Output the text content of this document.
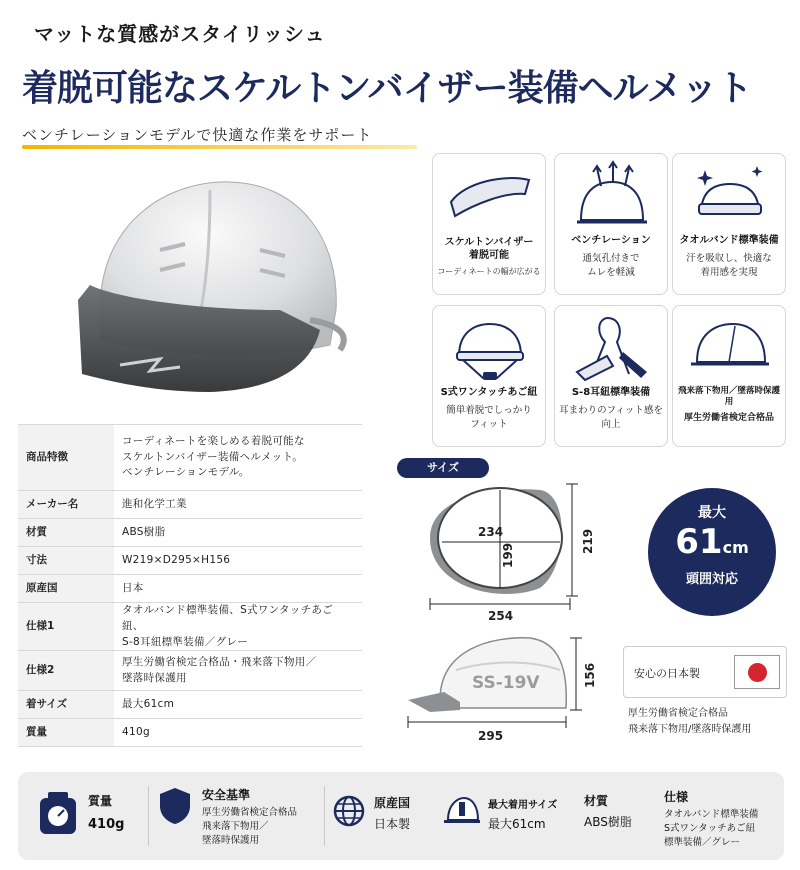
マットな質感がスタイリッシュ
着脱可能なスケルトンバイザー装備ヘルメット
ベンチレーションモデルで快適な作業をサポート
スケルトンバイザー
着脱可能
コーディネートの幅が広がる
ベンチレーション
通気孔付きで
ムレを軽減
タオルバンド標準装備
汗を吸収し、快適な
着用感を実現
S式ワンタッチあご紐
簡単着脱でしっかり
フィット
S-8耳紐標準装備
耳まわりのフィット感を
向上
飛来落下物用／墜落時保護用
厚生労働省検定合格品
商品特徴	コーディネートを楽しめる着脱可能な
スケルトンバイザー装備ヘルメット。
ベンチレーションモデル。
メーカー名	進和化学工業
材質	ABS樹脂
寸法	W219×D295×H156
原産国	日本
仕様1	タオルバンド標準装備、S式ワンタッチあご紐、
S-8耳紐標準装備／グレー
仕様2	厚生労働省検定合格品・飛来落下物用／
墜落時保護用
着サイズ	最大61cm
質量	410g
サイズ
234
199
219
254
SS-19V	156
295
最大
61cm
頭囲対応
安心の日本製
厚生労働省検定合格品
飛来落下物用/墜落時保護用
質量
410g
安全基準
厚生労働省検定合格品
飛来落下物用／
墜落時保護用
原産国
日本製
最大着用サイズ
最大61cm
材質
ABS樹脂
仕様
タオルバンド標準装備
S式ワンタッチあご紐
標準装備／グレー
